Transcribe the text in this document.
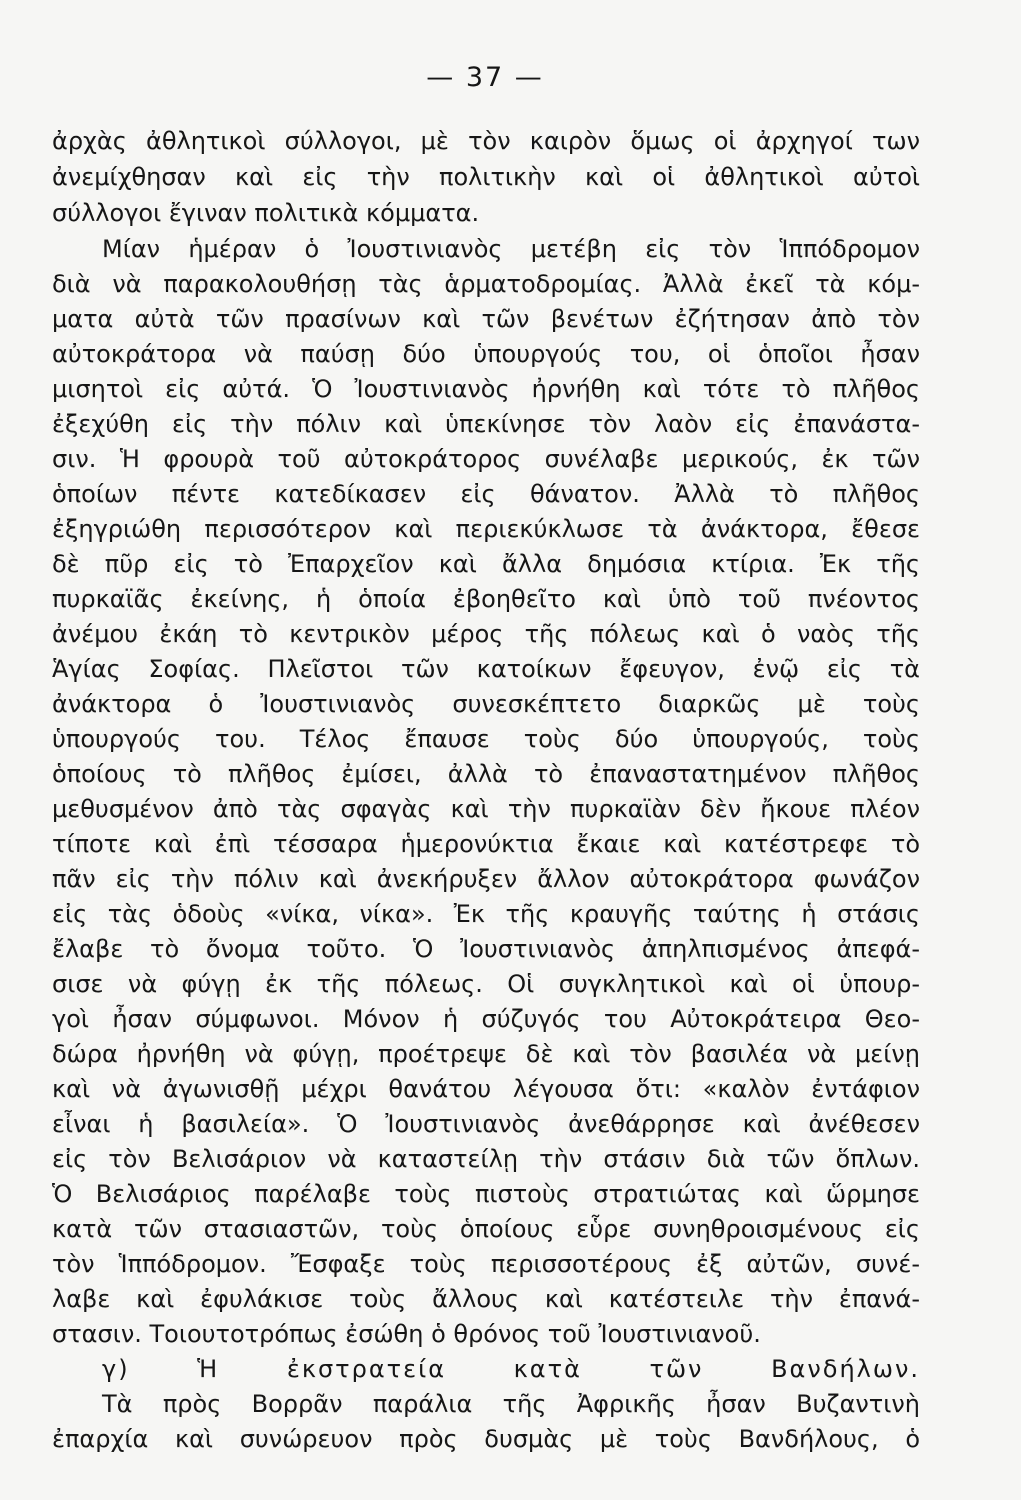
— 37 —
ἀρχὰς ἀθλητικοὶ σύλλογοι, μὲ τὸν καιρὸν ὅμως οἱ ἀρχηγοί των
ἀνεμίχθησαν καὶ εἰς τὴν πολιτικὴν καὶ οἱ ἀθλητικοὶ αὐτοὶ
σύλλογοι ἔγιναν πολιτικὰ κόμματα.
Μίαν ἡμέραν ὁ Ἰουστινιανὸς μετέβη εἰς τὸν Ἱππόδρομον
διὰ νὰ παρακολουθήσῃ τὰς ἁρματοδρομίας. Ἀλλὰ ἐκεῖ τὰ κόμ-
ματα αὐτὰ τῶν πρασίνων καὶ τῶν βενέτων ἐζήτησαν ἀπὸ τὸν
αὐτοκράτορα νὰ παύσῃ δύο ὑπουργούς του, οἱ ὁποῖοι ἦσαν
μισητοὶ εἰς αὐτά. Ὁ Ἰουστινιανὸς ἠρνήθη καὶ τότε τὸ πλῆθος
ἐξεχύθη εἰς τὴν πόλιν καὶ ὑπεκίνησε τὸν λαὸν εἰς ἐπανάστα-
σιν. Ἡ φρουρὰ τοῦ αὐτοκράτορος συνέλαβε μερικούς, ἐκ τῶν
ὁποίων πέντε κατεδίκασεν εἰς θάνατον. Ἀλλὰ τὸ πλῆθος
ἐξηγριώθη περισσότερον καὶ περιεκύκλωσε τὰ ἀνάκτορα, ἔθεσε
δὲ πῦρ εἰς τὸ Ἐπαρχεῖον καὶ ἄλλα δημόσια κτίρια. Ἐκ τῆς
πυρκαϊᾶς ἐκείνης, ἡ ὁποία ἐβοηθεῖτο καὶ ὑπὸ τοῦ πνέοντος
ἀνέμου ἐκάη τὸ κεντρικὸν μέρος τῆς πόλεως καὶ ὁ ναὸς τῆς
Ἁγίας Σοφίας. Πλεῖστοι τῶν κατοίκων ἔφευγον, ἐνῷ εἰς τὰ
ἀνάκτορα ὁ Ἰουστινιανὸς συνεσκέπτετο διαρκῶς μὲ τοὺς
ὑπουργούς του. Τέλος ἔπαυσε τοὺς δύο ὑπουργούς, τοὺς
ὁποίους τὸ πλῆθος ἐμίσει, ἀλλὰ τὸ ἐπαναστατημένον πλῆθος
μεθυσμένον ἀπὸ τὰς σφαγὰς καὶ τὴν πυρκαϊὰν δὲν ἤκουε πλέον
τίποτε καὶ ἐπὶ τέσσαρα ἡμερονύκτια ἔκαιε καὶ κατέστρεφε τὸ
πᾶν εἰς τὴν πόλιν καὶ ἀνεκήρυξεν ἄλλον αὐτοκράτορα φωνάζον
εἰς τὰς ὁδοὺς «νίκα, νίκα». Ἐκ τῆς κραυγῆς ταύτης ἡ στάσις
ἔλαβε τὸ ὄνομα τοῦτο. Ὁ Ἰουστινιανὸς ἀπηλπισμένος ἀπεφά-
σισε νὰ φύγῃ ἐκ τῆς πόλεως. Οἱ συγκλητικοὶ καὶ οἱ ὑπουρ-
γοὶ ἦσαν σύμφωνοι. Μόνον ἡ σύζυγός του Αὐτοκράτειρα Θεο-
δώρα ἠρνήθη νὰ φύγῃ, προέτρεψε δὲ καὶ τὸν βασιλέα νὰ μείνῃ
καὶ νὰ ἀγωνισθῇ μέχρι θανάτου λέγουσα ὅτι: «καλὸν ἐντάφιον
εἶναι ἡ βασιλεία». Ὁ Ἰουστινιανὸς ἀνεθάρρησε καὶ ἀνέθεσεν
εἰς τὸν Βελισάριον νὰ καταστείλῃ τὴν στάσιν διὰ τῶν ὅπλων.
Ὁ Βελισάριος παρέλαβε τοὺς πιστοὺς στρατιώτας καὶ ὥρμησε
κατὰ τῶν στασιαστῶν, τοὺς ὁποίους εὗρε συνηθροισμένους εἰς
τὸν Ἱππόδρομον. Ἔσφαξε τοὺς περισσοτέρους ἐξ αὐτῶν, συνέ-
λαβε καὶ ἐφυλάκισε τοὺς ἄλλους καὶ κατέστειλε τὴν ἐπανά-
στασιν. Τοιουτοτρόπως ἐσώθη ὁ θρόνος τοῦ Ἰουστινιανοῦ.
γ) Ἡ ἐκστρατεία κατὰ τῶν Βανδήλων.
Τὰ πρὸς Βορρᾶν παράλια τῆς Ἀφρικῆς ἦσαν Βυζαντινὴ
ἐπαρχία καὶ συνώρευον πρὸς δυσμὰς μὲ τοὺς Βανδήλους, ὁ
